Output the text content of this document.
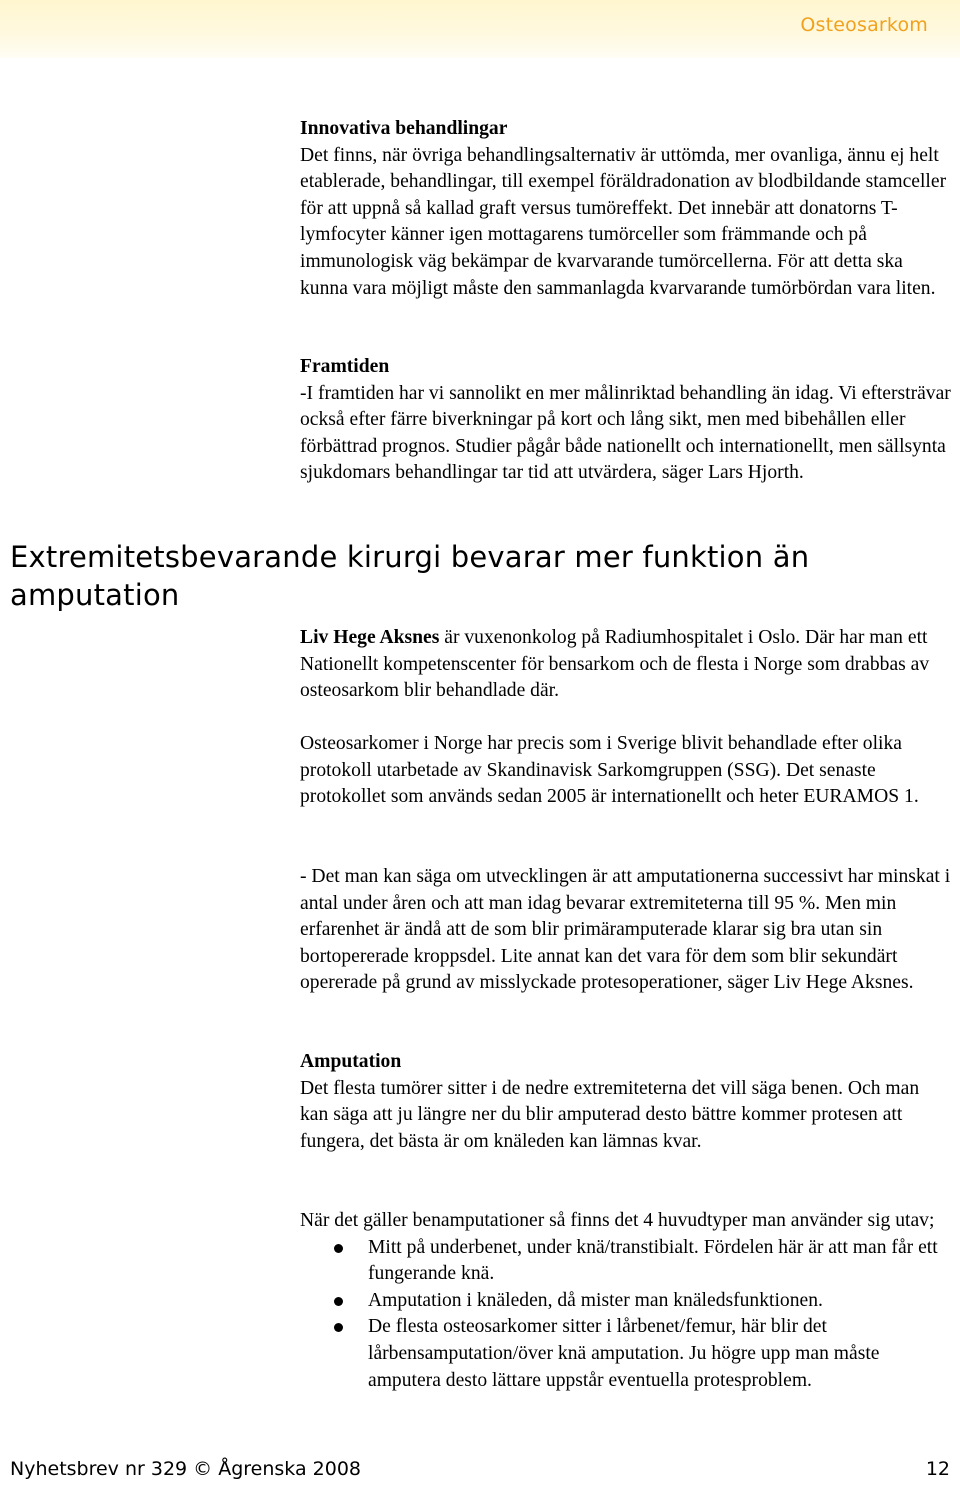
Osteosarkom

Innovativa behandlingar

Det finns, när övriga behandlingsalternativ är uttömda, mer ovanliga, ännu ej helt etablerade, behandlingar, till exempel föräldradonation av blodbildande stamceller för att uppnå så kallad graft versus tumöreffekt. Det innebär att donatorns T-lymfocyter känner igen mottagarens tumörceller som främmande och på immunologisk väg bekämpar de kvarvarande tumörcellerna. För att detta ska kunna vara möjligt måste den sammanlagda kvarvarande tumörbördan vara liten.

Framtiden

-I framtiden har vi sannolikt en mer målinriktad behandling än idag. Vi eftersträvar också efter färre biverkningar på kort och lång sikt, men med bibehållen eller förbättrad prognos. Studier pågår både nationellt och internationellt, men sällsynta sjukdomars behandlingar tar tid att utvärdera, säger Lars Hjorth.

Extremitetsbevarande kirurgi bevarar mer funktion än amputation

Liv Hege Aksnes är vuxenonkolog på Radiumhospitalet i Oslo. Där har man ett Nationellt kompetenscenter för bensarkom och de flesta i Norge som drabbas av osteosarkom blir behandlade där.

Osteosarkomer i Norge har precis som i Sverige blivit behandlade efter olika protokoll utarbetade av Skandinavisk Sarkomgruppen (SSG). Det senaste protokollet som används sedan 2005 är internationellt och heter EURAMOS 1.

- Det man kan säga om utvecklingen är att amputationerna successivt har minskat i antal under åren och att man idag bevarar extremiteterna till 95 %. Men min erfarenhet är ändå att de som blir primäramputerade klarar sig bra utan sin bortopererade kroppsdel. Lite annat kan det vara för dem som blir sekundärt opererade på grund av misslyckade protesoperationer, säger Liv Hege Aksnes.

Amputation

Det flesta tumörer sitter i de nedre extremiteterna det vill säga benen. Och man kan säga att ju längre ner du blir amputerad desto bättre kommer protesen att fungera, det bästa är om knäleden kan lämnas kvar.

När det gäller benamputationer så finns det 4 huvudtyper man använder sig utav;

Mitt på underbenet, under knä/transtibialt. Fördelen här är att man får ett fungerande knä.
Amputation i knäleden, då mister man knäledsfunktionen.
De flesta osteosarkomer sitter i lårbenet/femur, här blir det lårbensamputation/över knä amputation. Ju högre upp man måste amputera desto lättare uppstår eventuella protesproblem.
Nyhetsbrev nr 329 © Ågrenska 2008	12
